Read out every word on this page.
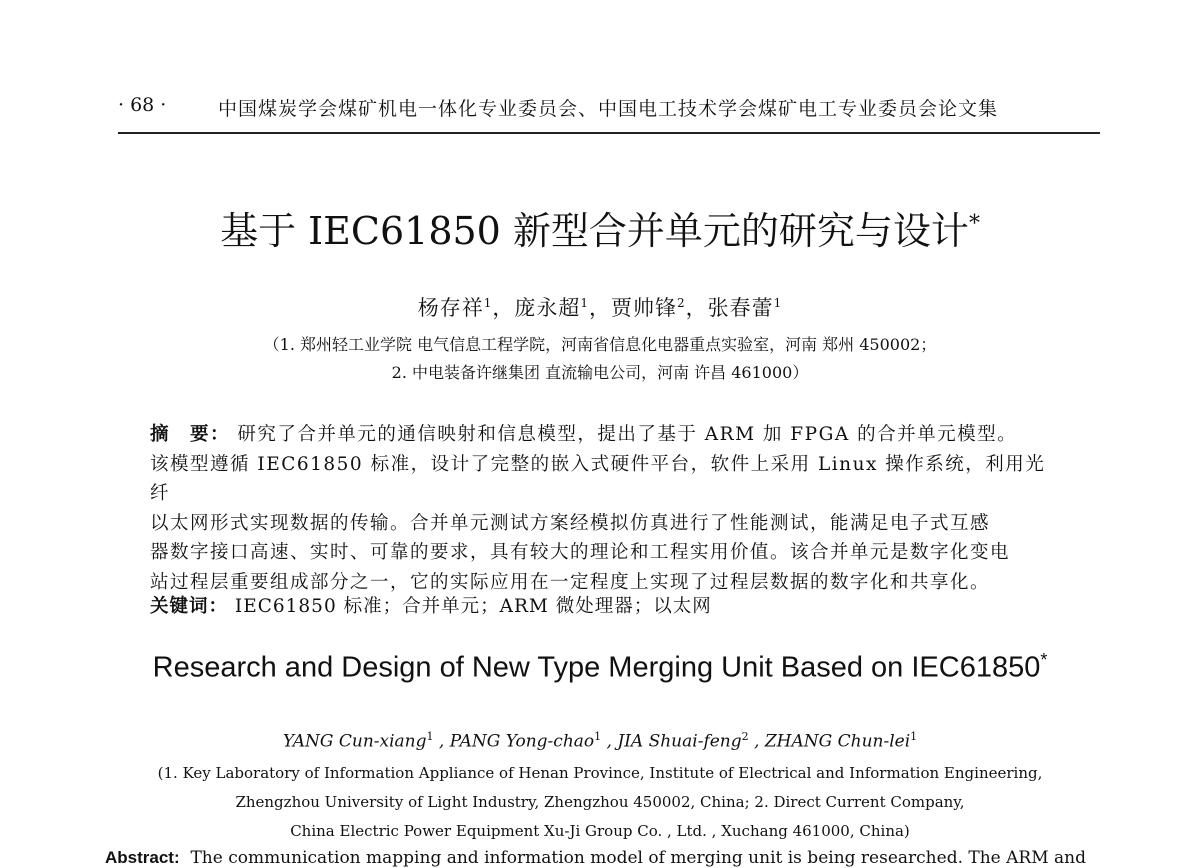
· 68 ·	中国煤炭学会煤矿机电一体化专业委员会、中国电工技术学会煤矿电工专业委员会论文集
基于 IEC61850 新型合并单元的研究与设计*
杨存祥$^1$，庞永超$^1$，贾帅锋$^2$，张春蕾$^1$
（1. 郑州轻工业学院 电气信息工程学院，河南省信息化电器重点实验室，河南 郑州 450002；
2. 中电装备许继集团 直流输电公司，河南 许昌 461000）
摘　要： 研究了合并单元的通信映射和信息模型，提出了基于 ARM 加 FPGA 的合并单元模型。
该模型遵循 IEC61850 标准，设计了完整的嵌入式硬件平台，软件上采用 Linux 操作系统，利用光纤
以太网形式实现数据的传输。合并单元测试方案经模拟仿真进行了性能测试，能满足电子式互感
器数字接口高速、实时、可靠的要求，具有较大的理论和工程实用价值。该合并单元是数字化变电
站过程层重要组成部分之一，它的实际应用在一定程度上实现了过程层数据的数字化和共享化。
关键词： IEC61850 标准；合并单元；ARM 微处理器；以太网
Research and Design of New Type Merging Unit Based on IEC61850*
YANG Cun-xiang$^1$ , PANG Yong-chao$^1$ , JIA Shuai-feng$^2$ , ZHANG Chun-lei$^1$
(1. Key Laboratory of Information Appliance of Henan Province, Institute of Electrical and Information Engineering,
Zhengzhou University of Light Industry, Zhengzhou 450002, China; 2. Direct Current Company,
China Electric Power Equipment Xu-Ji Group Co. , Ltd. , Xuchang 461000, China)
Abstract: The communication mapping and information model of merging unit is being researched. The ARM and
